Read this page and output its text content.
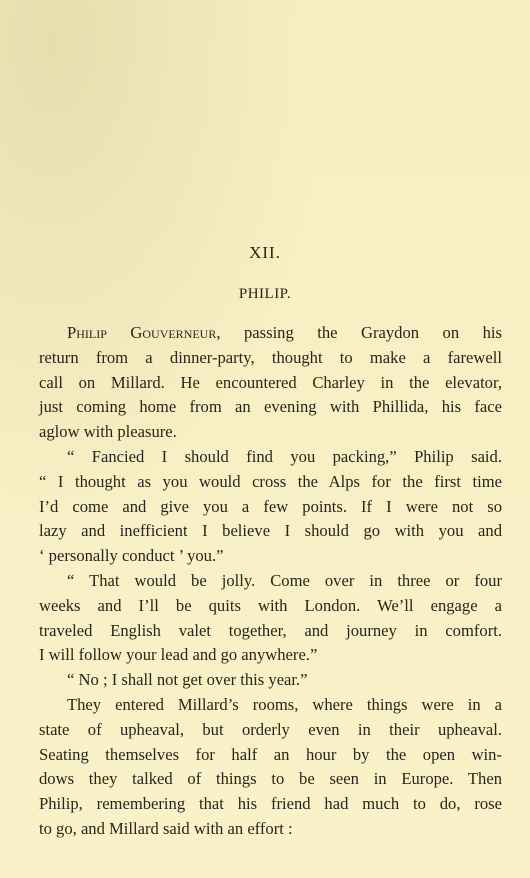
XII.
PHILIP.
Philip Gouverneur, passing the Graydon on his
return from a dinner-party, thought to make a farewell
call on Millard. He encountered Charley in the elevator,
just coming home from an evening with Phillida, his face
aglow with pleasure.
“ Fancied I should find you packing,” Philip said.
“ I thought as you would cross the Alps for the first time
I’d come and give you a few points. If I were not so
lazy and inefficient I believe I should go with you and
‘ personally conduct ’ you.”
“ That would be jolly. Come over in three or four
weeks and I’ll be quits with London. We’ll engage a
traveled English valet together, and journey in comfort.
I will follow your lead and go anywhere.”
“ No ; I shall not get over this year.”
They entered Millard’s rooms, where things were in a
state of upheaval, but orderly even in their upheaval.
Seating themselves for half an hour by the open win-
dows they talked of things to be seen in Europe. Then
Philip, remembering that his friend had much to do, rose
to go, and Millard said with an effort :
